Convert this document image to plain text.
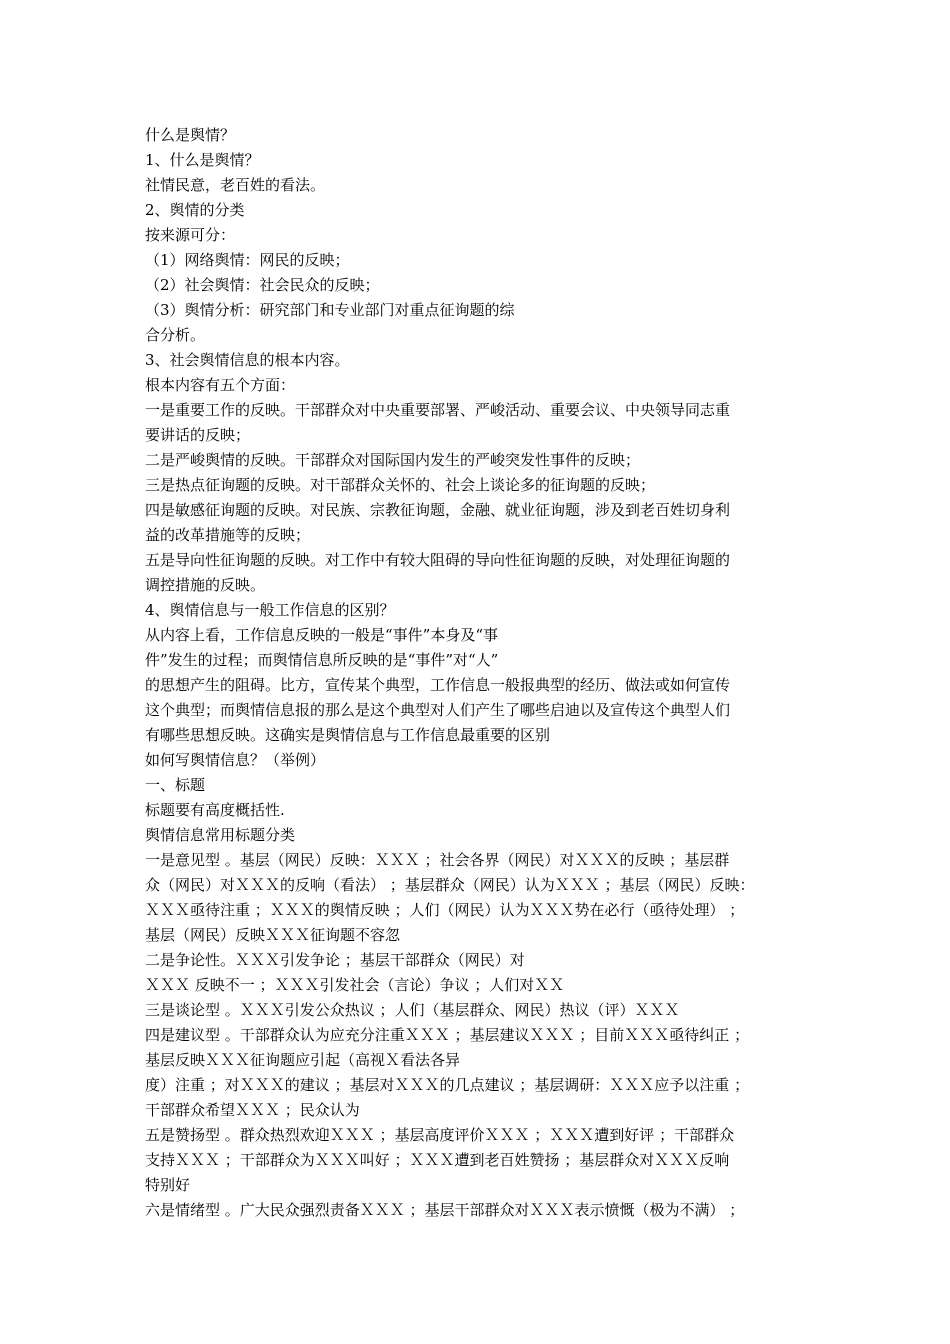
什么是舆情？

1、什么是舆情？

社情民意，老百姓的看法。

2、舆情的分类

按来源可分：

（1）网络舆情：网民的反映；

（2）社会舆情：社会民众的反映；

（3）舆情分析：研究部门和专业部门对重点征询题的综

合分析。

3、社会舆情信息的根本内容。

根本内容有五个方面：

一是重要工作的反映。干部群众对中央重要部署、严峻活动、重要会议、中央领导同志重

要讲话的反映；

二是严峻舆情的反映。干部群众对国际国内发生的严峻突发性事件的反映；

三是热点征询题的反映。对干部群众关怀的、社会上谈论多的征询题的反映；

四是敏感征询题的反映。对民族、宗教征询题，金融、就业征询题，涉及到老百姓切身利

益的改革措施等的反映；

五是导向性征询题的反映。对工作中有较大阻碍的导向性征询题的反映，对处理征询题的

调控措施的反映。

4、舆情信息与一般工作信息的区别？

从内容上看，工作信息反映的一般是“事件”本身及“事

件”发生的过程；而舆情信息所反映的是“事件”对“人”

的思想产生的阻碍。比方，宣传某个典型，工作信息一般报典型的经历、做法或如何宣传

这个典型；而舆情信息报的那么是这个典型对人们产生了哪些启迪以及宣传这个典型人们

有哪些思想反映。这确实是舆情信息与工作信息最重要的区别

如何写舆情信息？（举例）

一、标题

标题要有高度概括性.

舆情信息常用标题分类

一是意见型 。基层（网民）反映：ＸＸＸ ；社会各界（网民）对ＸＸＸ的反映 ；基层群

众（网民）对ＸＸＸ的反响（看法） ；基层群众（网民）认为ＸＸＸ ；基层（网民）反映：

ＸＸＸ亟待注重 ；ＸＸＸ的舆情反映 ；人们（网民）认为ＸＸＸ势在必行（亟待处理） ；

基层（网民）反映ＸＸＸ征询题不容忽

二是争论性。ＸＸＸ引发争论 ；基层干部群众（网民）对

ＸＸＸ 反映不一 ；ＸＸＸ引发社会（言论）争议 ；人们对ＸＸ

三是谈论型 。ＸＸＸ引发公众热议 ；人们（基层群众、网民）热议（评）ＸＸＸ

四是建议型 。干部群众认为应充分注重ＸＸＸ ；基层建议ＸＸＸ ；目前ＸＸＸ亟待纠正 ；

基层反映ＸＸＸ征询题应引起（高视Ｘ看法各异

度）注重 ；对ＸＸＸ的建议 ；基层对ＸＸＸ的几点建议 ；基层调研：ＸＸＸ应予以注重 ；

干部群众希望ＸＸＸ ；民众认为

五是赞扬型 。群众热烈欢迎ＸＸＸ ；基层高度评价ＸＸＸ ；ＸＸＸ遭到好评 ；干部群众

支持ＸＸＸ ；干部群众为ＸＸＸ叫好 ；ＸＸＸ遭到老百姓赞扬 ；基层群众对ＸＸＸ反响

特别好

六是情绪型 。广大民众强烈责备ＸＸＸ ；基层干部群众对ＸＸＸ表示愤慨（极为不满） ；
